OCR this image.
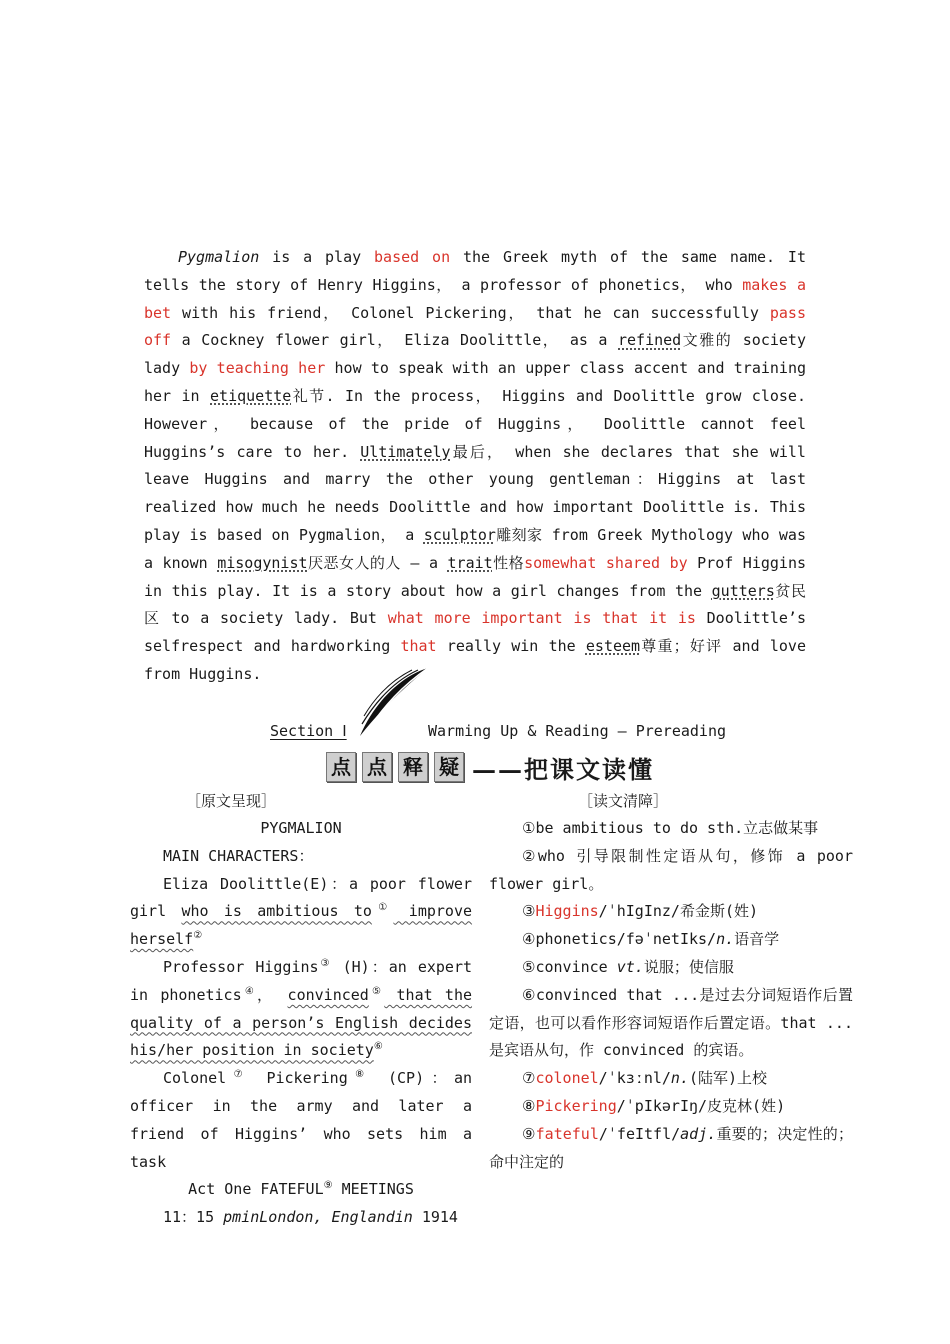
Pygmalion is a play based on the Greek myth of the same name. It tells the story of Henry Higgins， a professor of phonetics， who makes a bet with his friend， Colonel Pickering， that he can successfully pass off a Cockney flower girl， Eliza Doolittle， as a refined文雅的 society lady by teaching her how to speak with an upper class accent and training her in etiquette礼节. In the process， Higgins and Doolittle grow close. However， because of the pride of Huggins， Doolittle cannot feel Huggins’s care to her. Ultimately最后， when she declares that she will leave Huggins and marry the other young gentleman：Higgins at last realized how much he needs Doolittle and how important Doolittle is. This play is based on Pygmalion， a sculptor雕刻家 from Greek Mythology who was a known misogynist厌恶女人的人 — a trait性格somewhat shared by Prof Higgins in this play. It is a story about how a girl changes from the gutters贫民区 to a society lady. But what more important is that it is Doolittle’s selfrespect and hardworking that really win the esteem尊重；好评 and love from Huggins.

Section Ⅰ	Warming Up & Reading — Prereading
点 点 释 疑 ——把课文读懂
［原文呈现］	［读文清障］

PYGMALION

MAIN CHARACTERS：

Eliza Doolittle(E)：a poor flower girl who is ambitious to① improve herself②

Professor Higgins③ (H)：an expert in phonetics④， convinced⑤ that the quality of a person’s English decides his/her position in society⑥

Colonel⑦ Pickering⑧ (CP)：an officer in the army and later a friend of Higgins’ who sets him a task

Act One FATEFUL⑨ MEETINGS

11：15 pminLondon, Englandin 1914

①be ambitious to do sth.立志做某事

②who 引导限制性定语从句，修饰 a poor flower girl。

③Higgins/ˈhIgInz/希金斯(姓)

④phonetics/fəˈnetIks/n.语音学

⑤convince vt.说服；使信服

⑥convinced that ...是过去分词短语作后置定语，也可以看作形容词短语作后置定语。that ...是宾语从句，作 convinced 的宾语。

⑦colonel/ˈkɜːnl/n.(陆军)上校

⑧Pickering/ˈpIkərIŋ/皮克林(姓)

⑨fateful/ˈfeItfl/adj.重要的；决定性的；命中注定的
